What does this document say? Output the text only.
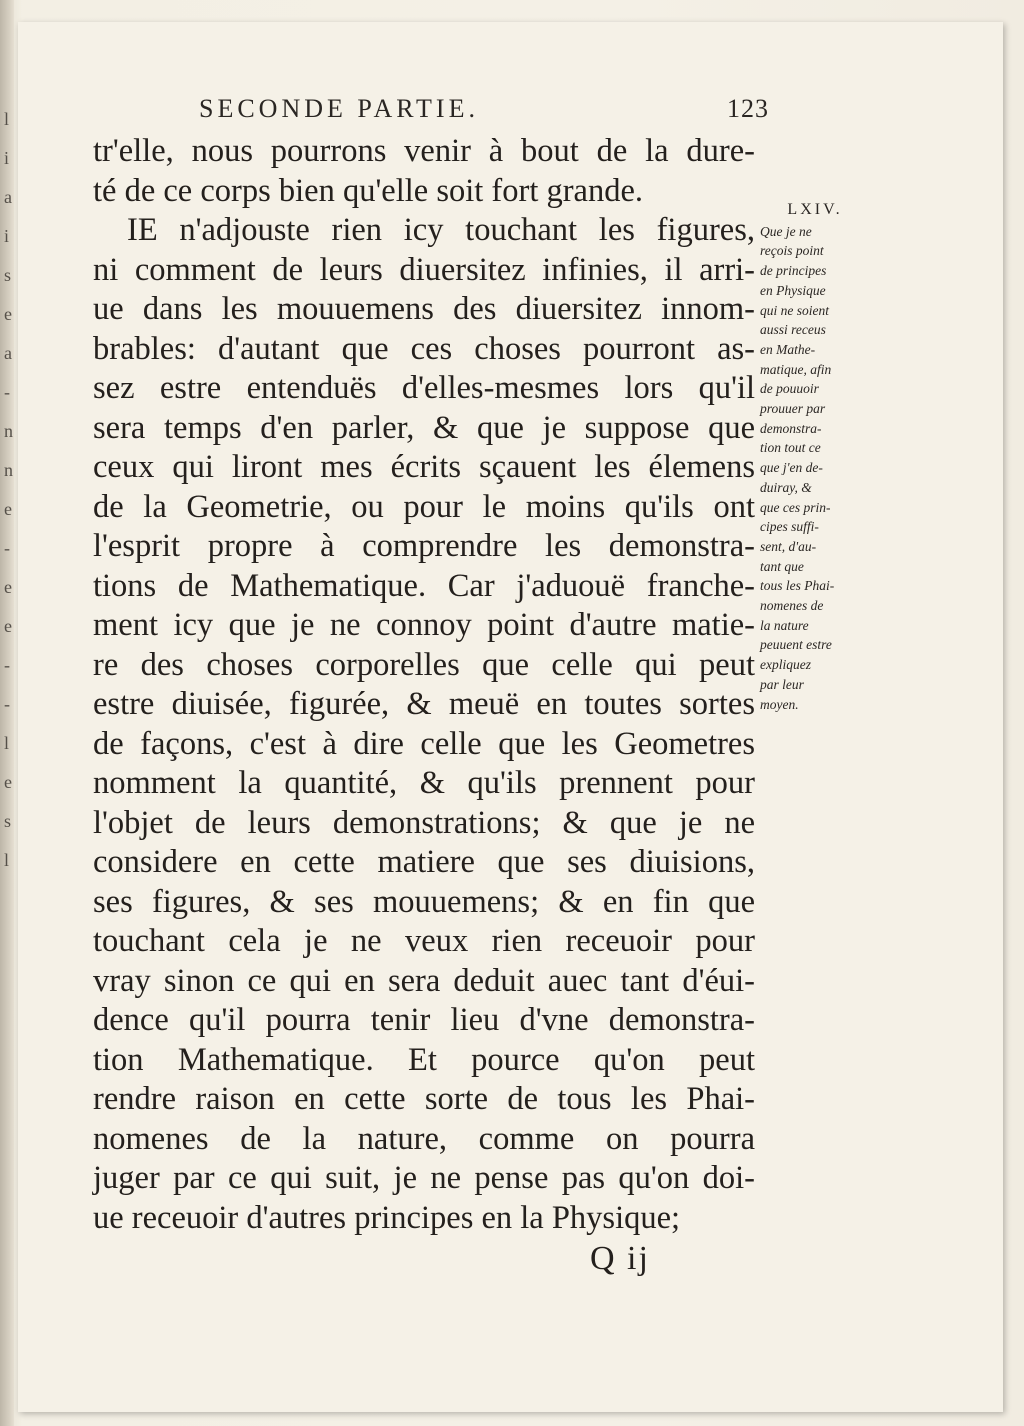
l
i
a
i
s
e
a
-
n
n
e
-
e
e
-
-
l
e
s
l
SECONDE PARTIE.	123
tr'elle, nous pourrons venir à bout de la dure-
té de ce corps bien qu'elle soit fort grande.
IE n'adjouste rien icy touchant les figures,
ni comment de leurs diuersitez infinies, il arri-
ue dans les mouuemens des diuersitez innom-
brables: d'autant que ces choses pourront as-
sez estre entenduës d'elles-mesmes lors qu'il
sera temps d'en parler, & que je suppose que
ceux qui liront mes écrits sçauent les élemens
de la Geometrie, ou pour le moins qu'ils ont
l'esprit propre à comprendre les demonstra-
tions de Mathematique. Car j'aduouë franche-
ment icy que je ne connoy point d'autre matie-
re des choses corporelles que celle qui peut
estre diuisée, figurée, & meuë en toutes sortes
de façons, c'est à dire celle que les Geometres
nomment la quantité, & qu'ils prennent pour
l'objet de leurs demonstrations; & que je ne
considere en cette matiere que ses diuisions,
ses figures, & ses mouuemens; & en fin que
touchant cela je ne veux rien receuoir pour
vray sinon ce qui en sera deduit auec tant d'éui-
dence qu'il pourra tenir lieu d'vne demonstra-
tion Mathematique. Et pource qu'on peut
rendre raison en cette sorte de tous les Phai-
nomenes de la nature, comme on pourra
juger par ce qui suit, je ne pense pas qu'on doi-
ue receuoir d'autres principes en la Physique;
LXIV.
Que je ne
reçois point
de principes
en Physique
qui ne soient
aussi receus
en Mathe-
matique, afin
de pouuoir
prouuer par
demonstra-
tion tout ce
que j'en de-
duiray, &
que ces prin-
cipes suffi-
sent, d'au-
tant que
tous les Phai-
nomenes de
la nature
peuuent estre
expliquez
par leur
moyen.
Q ij
